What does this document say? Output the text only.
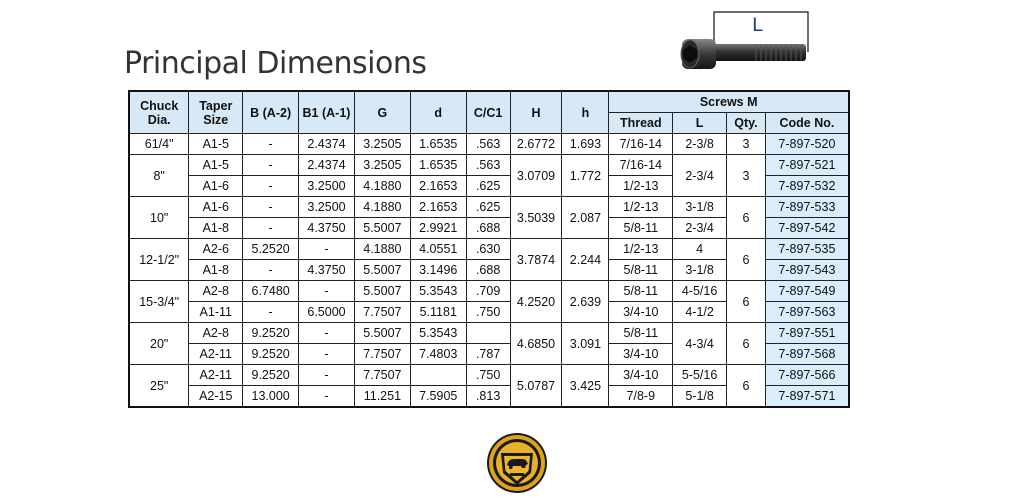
Principal Dimensions
L
Chuck Dia.	Taper Size	B (A-2)	B1 (A-1)	G	d	C/C1	H	h	Screws M			
									Thread	L	Qty.	Code No.
61/4"	A1-5	-	2.4374	3.2505	1.6535	.563	2.6772	1.693	7/16-14	2-3/8	3	7-897-520
8"	A1-5	-	2.4374	3.2505	1.6535	.563	3.0709	1.772	7/16-14	2-3/4	3	7-897-521
	A1-6	-	3.2500	4.1880	2.1653	.625			1/2-13			7-897-532
10"	A1-6	-	3.2500	4.1880	2.1653	.625	3.5039	2.087	1/2-13	3-1/8	6	7-897-533
	A1-8	-	4.3750	5.5007	2.9921	.688			5/8-11	2-3/4		7-897-542
12-1/2"	A2-6	5.2520	-	4.1880	4.0551	.630	3.7874	2.244	1/2-13	4	6	7-897-535
	A1-8	-	4.3750	5.5007	3.1496	.688			5/8-11	3-1/8		7-897-543
15-3/4"	A2-8	6.7480	-	5.5007	5.3543	.709	4.2520	2.639	5/8-11	4-5/16	6	7-897-549
	A1-11	-	6.5000	7.7507	5.1181	.750			3/4-10	4-1/2		7-897-563
20"	A2-8	9.2520	-	5.5007	5.3543		4.6850	3.091	5/8-11	4-3/4	6	7-897-551
	A2-11	9.2520	-	7.7507	7.4803	.787			3/4-10			7-897-568
25"	A2-11	9.2520	-	7.7507		.750	5.0787	3.425	3/4-10	5-5/16	6	7-897-566
	A2-15	13.000	-	11.251	7.5905	.813			7/8-9	5-1/8		7-897-571
